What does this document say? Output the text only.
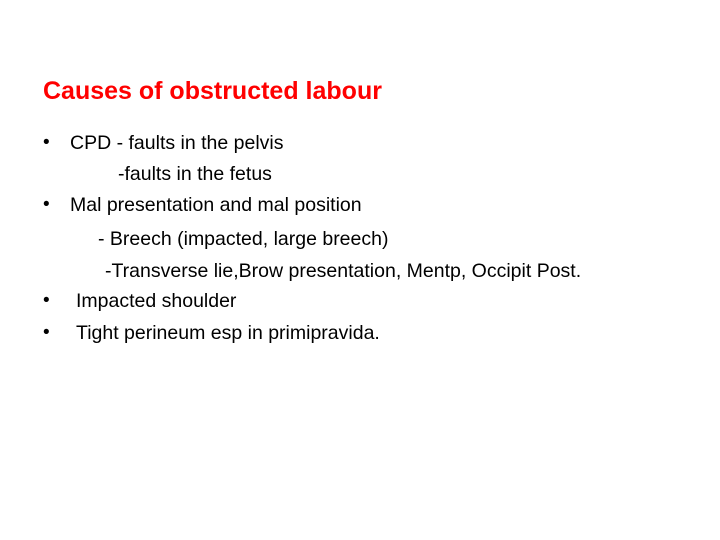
Causes of obstructed labour
• CPD - faults in the pelvis
-faults in the fetus
• Mal presentation and mal position
- Breech (impacted, large breech)
-Transverse lie,Brow presentation, Mentp, Occipit Post.
• Impacted shoulder
• Tight perineum esp in primipravida.
